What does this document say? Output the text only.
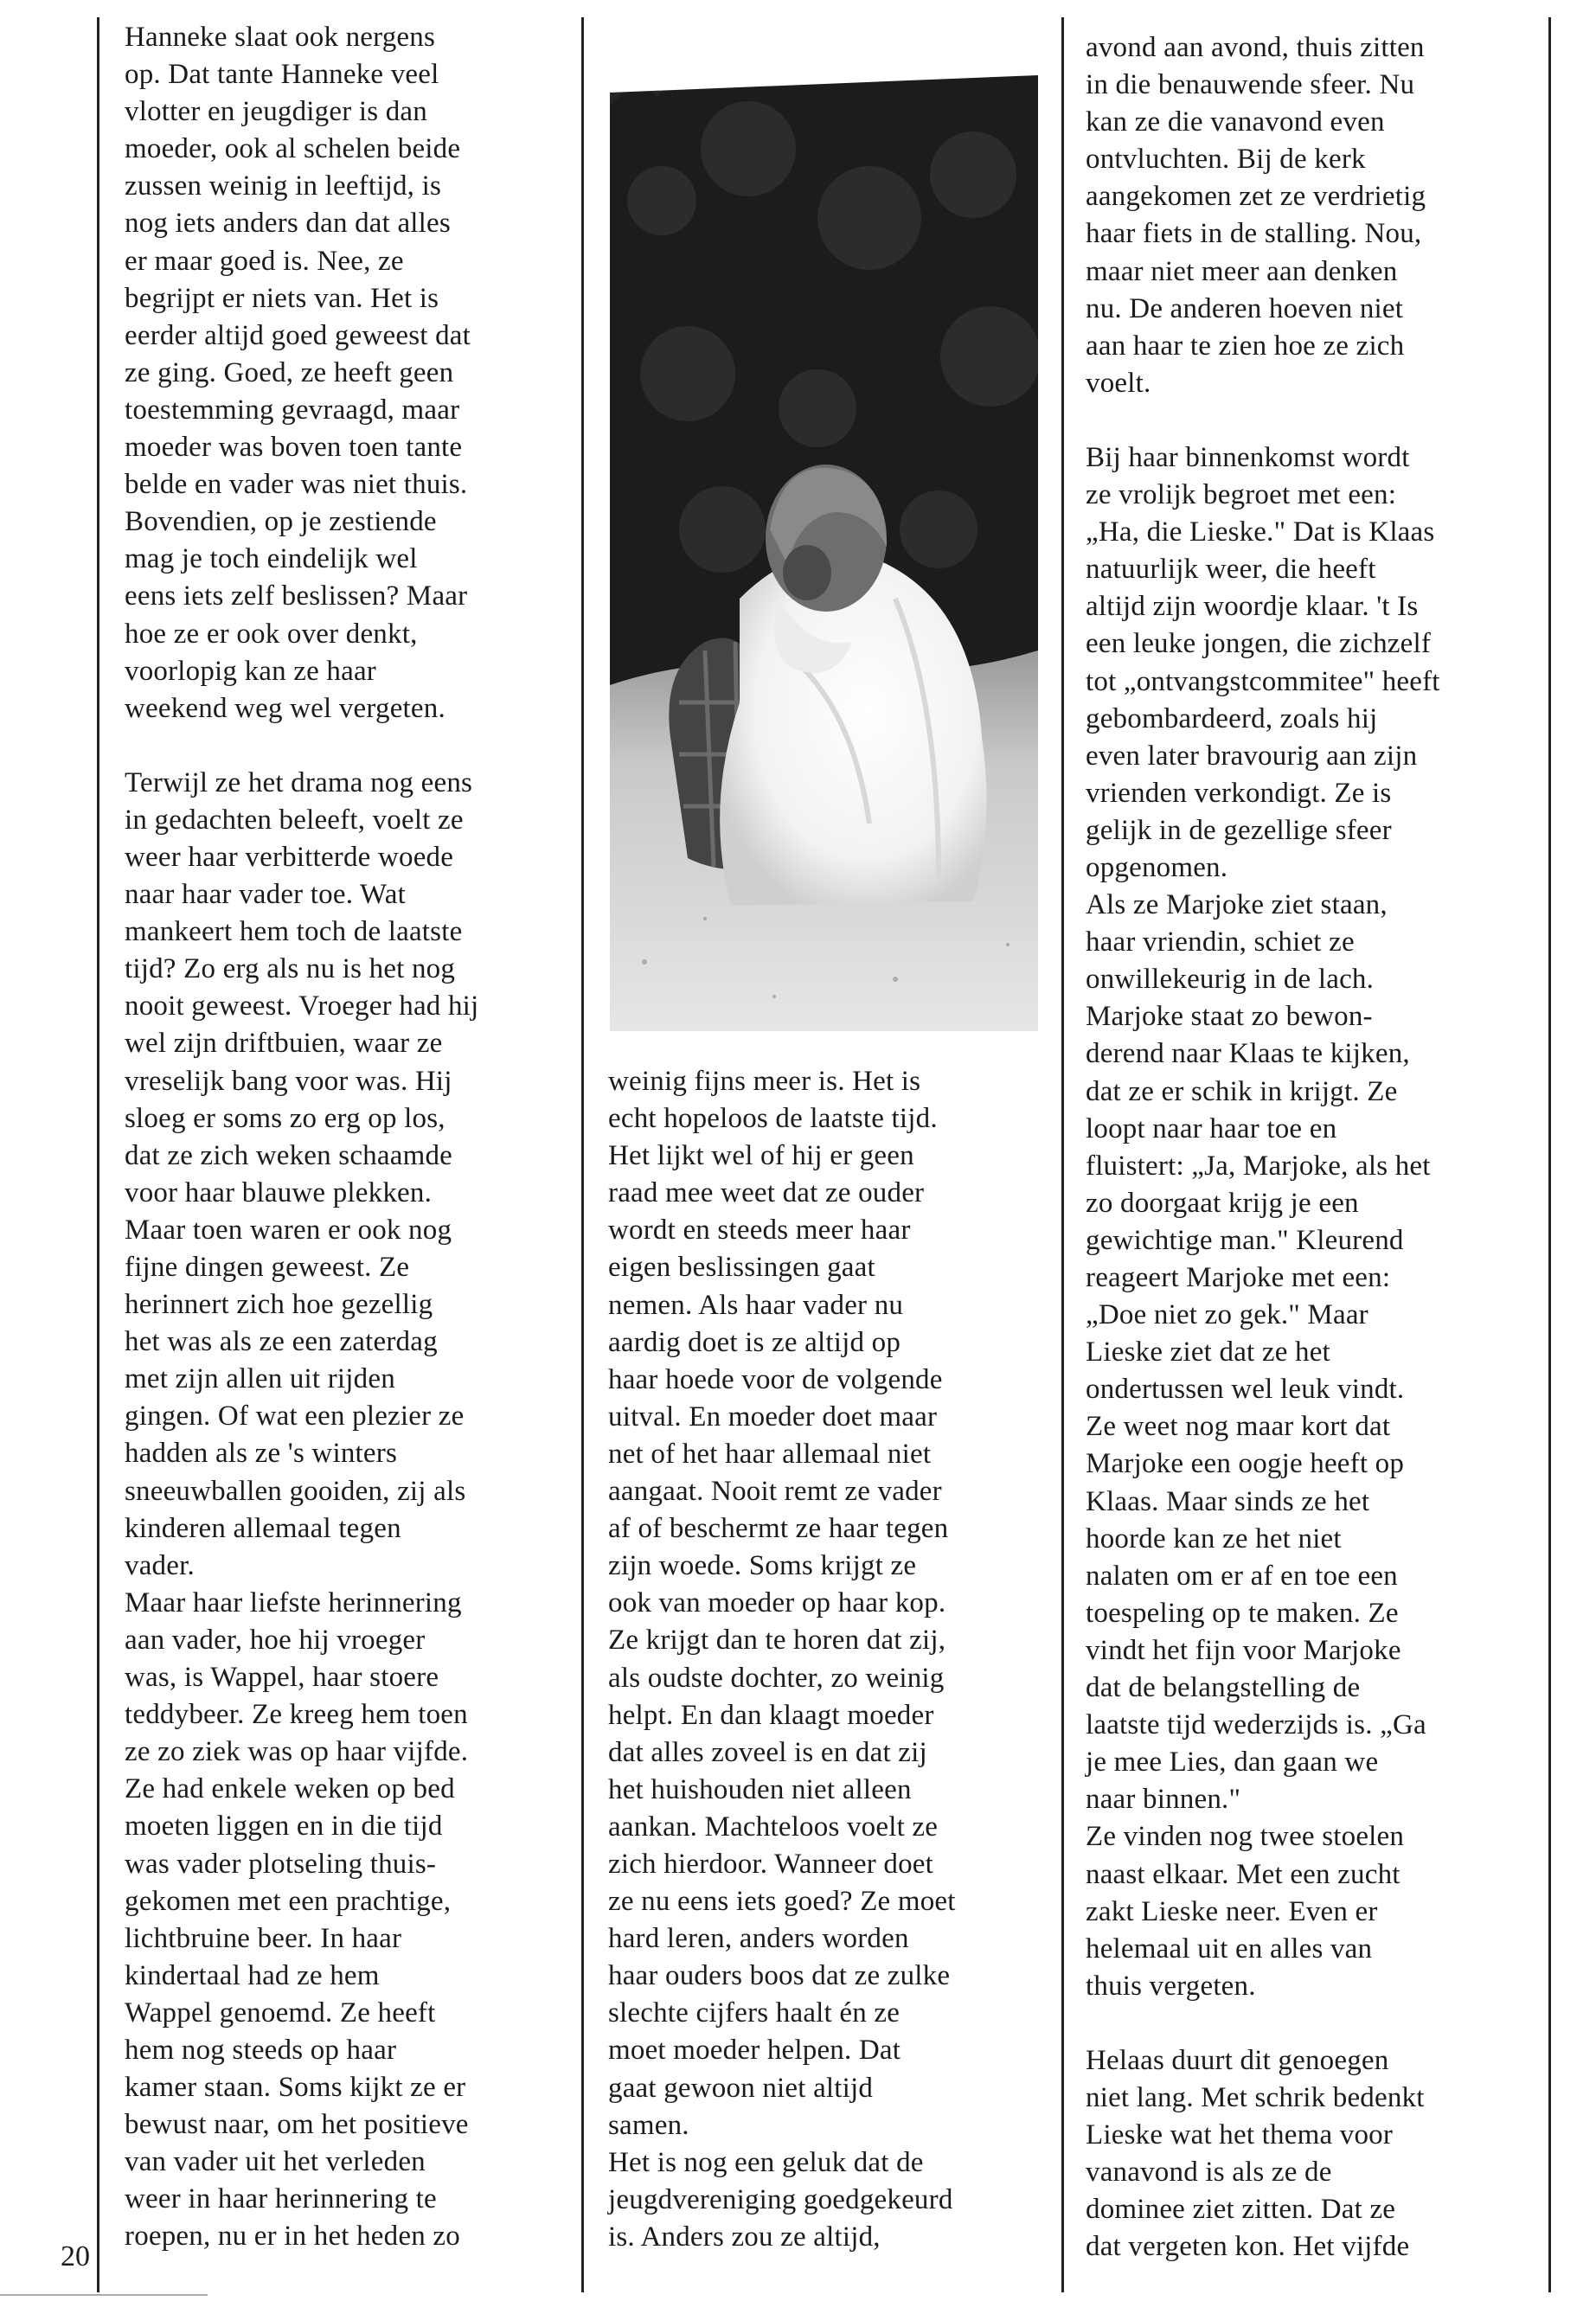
Hanneke slaat ook nergens
op. Dat tante Hanneke veel
vlotter en jeugdiger is dan
moeder, ook al schelen beide
zussen weinig in leeftijd, is
nog iets anders dan dat alles
er maar goed is. Nee, ze
begrijpt er niets van. Het is
eerder altijd goed geweest dat
ze ging. Goed, ze heeft geen
toestemming gevraagd, maar
moeder was boven toen tante
belde en vader was niet thuis.
Bovendien, op je zestiende
mag je toch eindelijk wel
eens iets zelf beslissen? Maar
hoe ze er ook over denkt,
voorlopig kan ze haar
weekend weg wel vergeten.

Terwijl ze het drama nog eens
in gedachten beleeft, voelt ze
weer haar verbitterde woede
naar haar vader toe. Wat
mankeert hem toch de laatste
tijd? Zo erg als nu is het nog
nooit geweest. Vroeger had hij
wel zijn driftbuien, waar ze
vreselijk bang voor was. Hij
sloeg er soms zo erg op los,
dat ze zich weken schaamde
voor haar blauwe plekken.
Maar toen waren er ook nog
fijne dingen geweest. Ze
herinnert zich hoe gezellig
het was als ze een zaterdag
met zijn allen uit rijden
gingen. Of wat een plezier ze
hadden als ze 's winters
sneeuwballen gooiden, zij als
kinderen allemaal tegen
vader.

Maar haar liefste herinnering
aan vader, hoe hij vroeger
was, is Wappel, haar stoere
teddybeer. Ze kreeg hem toen
ze zo ziek was op haar vijfde.
Ze had enkele weken op bed
moeten liggen en in die tijd
was vader plotseling thuis-
gekomen met een prachtige,
lichtbruine beer. In haar
kindertaal had ze hem
Wappel genoemd. Ze heeft
hem nog steeds op haar
kamer staan. Soms kijkt ze er
bewust naar, om het positieve
van vader uit het verleden
weer in haar herinnering te
roepen, nu er in het heden zo

weinig fijns meer is. Het is
echt hopeloos de laatste tijd.
Het lijkt wel of hij er geen
raad mee weet dat ze ouder
wordt en steeds meer haar
eigen beslissingen gaat
nemen. Als haar vader nu
aardig doet is ze altijd op
haar hoede voor de volgende
uitval. En moeder doet maar
net of het haar allemaal niet
aangaat. Nooit remt ze vader
af of beschermt ze haar tegen
zijn woede. Soms krijgt ze
ook van moeder op haar kop.
Ze krijgt dan te horen dat zij,
als oudste dochter, zo weinig
helpt. En dan klaagt moeder
dat alles zoveel is en dat zij
het huishouden niet alleen
aankan. Machteloos voelt ze
zich hierdoor. Wanneer doet
ze nu eens iets goed? Ze moet
hard leren, anders worden
haar ouders boos dat ze zulke
slechte cijfers haalt én ze
moet moeder helpen. Dat
gaat gewoon niet altijd
samen.

Het is nog een geluk dat de
jeugdvereniging goedgekeurd
is. Anders zou ze altijd,

avond aan avond, thuis zitten
in die benauwende sfeer. Nu
kan ze die vanavond even
ontvluchten. Bij de kerk
aangekomen zet ze verdrietig
haar fiets in de stalling. Nou,
maar niet meer aan denken
nu. De anderen hoeven niet
aan haar te zien hoe ze zich
voelt.

Bij haar binnenkomst wordt
ze vrolijk begroet met een:
„Ha, die Lieske." Dat is Klaas
natuurlijk weer, die heeft
altijd zijn woordje klaar. 't Is
een leuke jongen, die zichzelf
tot „ontvangstcommitee" heeft
gebombardeerd, zoals hij
even later bravourig aan zijn
vrienden verkondigt. Ze is
gelijk in de gezellige sfeer
opgenomen.

Als ze Marjoke ziet staan,
haar vriendin, schiet ze
onwillekeurig in de lach.
Marjoke staat zo bewon-
derend naar Klaas te kijken,
dat ze er schik in krijgt. Ze
loopt naar haar toe en
fluistert: „Ja, Marjoke, als het
zo doorgaat krijg je een
gewichtige man." Kleurend
reageert Marjoke met een:
„Doe niet zo gek." Maar
Lieske ziet dat ze het
ondertussen wel leuk vindt.
Ze weet nog maar kort dat
Marjoke een oogje heeft op
Klaas. Maar sinds ze het
hoorde kan ze het niet
nalaten om er af en toe een
toespeling op te maken. Ze
vindt het fijn voor Marjoke
dat de belangstelling de
laatste tijd wederzijds is. „Ga
je mee Lies, dan gaan we
naar binnen."

Ze vinden nog twee stoelen
naast elkaar. Met een zucht
zakt Lieske neer. Even er
helemaal uit en alles van
thuis vergeten.

Helaas duurt dit genoegen
niet lang. Met schrik bedenkt
Lieske wat het thema voor
vanavond is als ze de
dominee ziet zitten. Dat ze
dat vergeten kon. Het vijfde

20
